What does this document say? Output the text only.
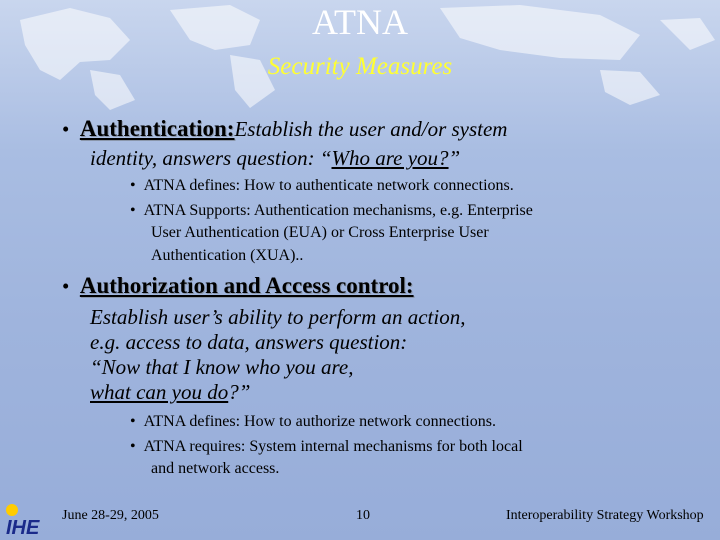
ATNA
Security Measures
•  Authentication:Establish the user and/or system
identity, answers question: “Who are you?”
•  ATNA defines: How to authenticate network connections.
•  ATNA Supports: Authentication mechanisms, e.g. Enterprise
User Authentication (EUA) or Cross Enterprise User
Authentication (XUA)..
•  Authorization and Access control:
Establish user’s ability to perform an action,
e.g. access to data, answers question:
“Now that I know who you are,
what can you do?”
•  ATNA defines: How to authorize network connections.
•  ATNA requires: System internal mechanisms for both local
and network access.
IHE
June 28-29, 2005	10	Interoperability Strategy Workshop
